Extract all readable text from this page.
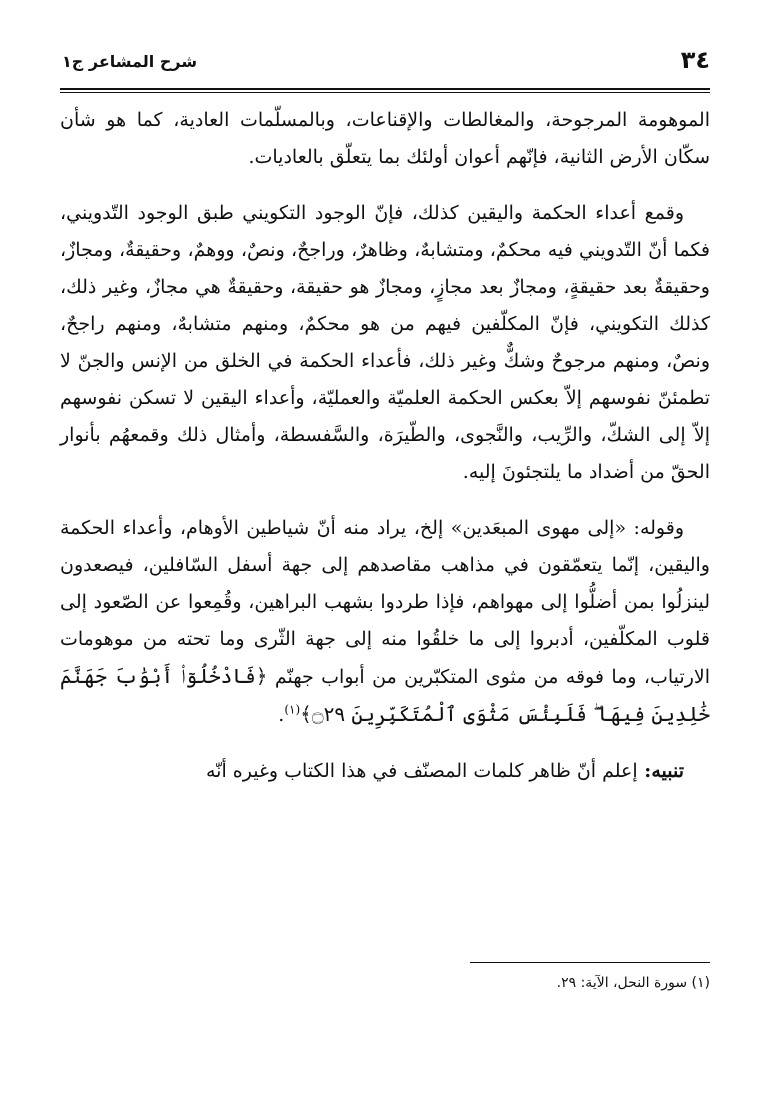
٣٤
شرح المشاعر ج١

الموهومة المرجوحة، والمغالطات والإقناعات، وبالمسلّمات العادية، كما هو شأن سكّان الأرض الثانية، فإنّهم أعوان أولئك بما يتعلّق بالعاديات.

وقمع أعداء الحكمة واليقين كذلك، فإنّ الوجود التكويني طبق الوجود التّدويني، فكما أنّ التّدويني فيه محكمٌ، ومتشابهٌ، وظاهرٌ، وراجحٌ، ونصٌ، ووهمٌ، وحقيقةٌ، ومجازٌ، وحقيقةٌ بعد حقيقةٍ، ومجازٌ بعد مجازٍ، ومجازٌ هو حقيقة، وحقيقةٌ هي مجازٌ، وغير ذلك، كذلك التكويني، فإنّ المكلّفين فيهم من هو محكمٌ، ومنهم متشابهٌ، ومنهم راجحٌ، ونصٌ، ومنهم مرجوحٌ وشكٌّ وغير ذلك، فأعداء الحكمة في الخلق من الإنس والجنّ لا تطمئنّ نفوسهم إلاّ بعكس الحكمة العلميّة والعمليّة، وأعداء اليقين لا تسكن نفوسهم إلاّ إلى الشكّ، والرِّيب، والنَّجوى، والطّيرَة، والسَّفسطة، وأمثال ذلك وقمعهُم بأنوار الحقّ من أضداد ما يلتجئونَ إليه.

وقوله: «إلى مهوى المبعَدين» إلخ، يراد منه أنّ شياطين الأوهام، وأعداء الحكمة واليقين، إنّما يتعمّقون في مذاهب مقاصدهم إلى جهة أسفل السّافلين، فيصعدون لينزلُوا بمن أضلُّوا إلى مهواهم، فإذا طردوا بشهب البراهين، وقُمِعوا عن الصّعود إلى قلوب المكلّفين، أدبروا إلى ما خلقُوا منه إلى جهة الثّرى وما تحته من موهومات الارتياب، وما فوقه من مثوى المتكبّرين من أبواب جهنّم ﴿فَادْخُلُوٓا۟ أَبْوَٰبَ جَهَنَّمَ خَٰلِدِينَ فِيهَا ۖ فَلَبِئْسَ مَثْوَى ٱلْمُتَكَبِّرِينَ ۝٢٩﴾$^{(١)}$.

تنبيه: إعلم أنّ ظاهر كلمات المصنّف في هذا الكتاب وغيره أنّه

(١) سورة النحل، الآية: ٢٩.
